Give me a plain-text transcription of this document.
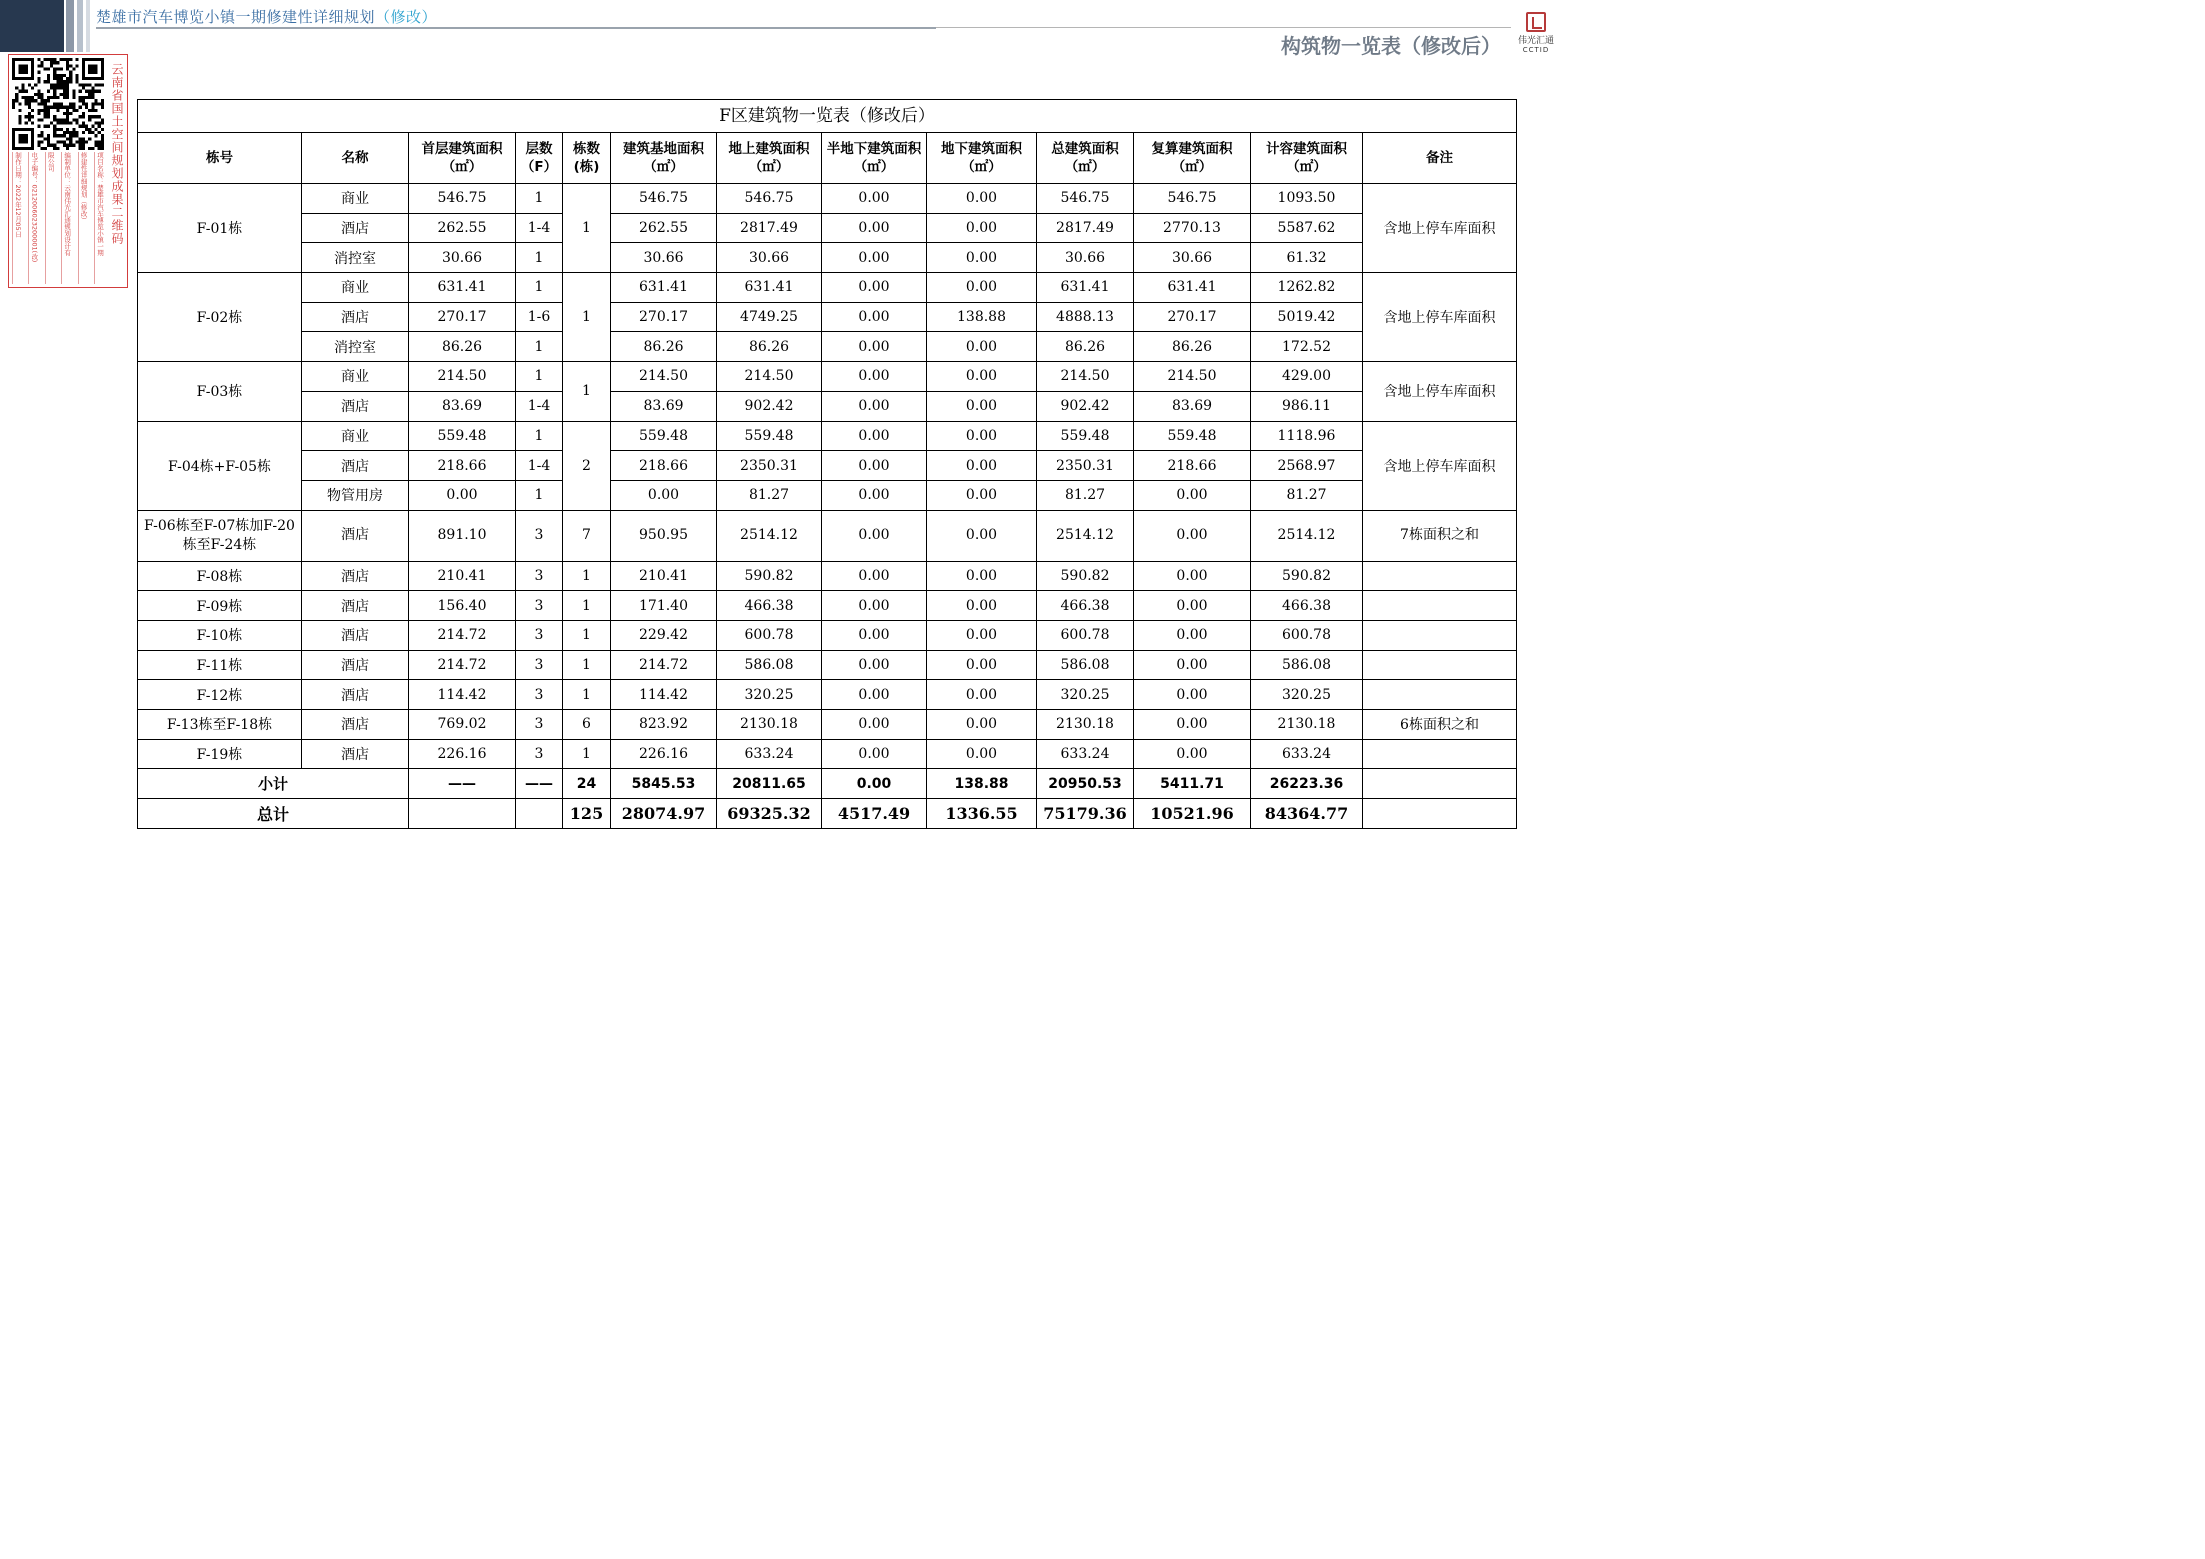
楚雄市汽车博览小镇一期修建性详细规划（修改）
构筑物一览表（修改后） 伟光汇通
CCTID
云南省国土空间规划成果二维码
项目名称：楚雄市汽车博览小镇一期
修建性详细规划（修改）
编制单位：云南伟光汇通规划设计有
限公司
电子编号：0212006023200001(改)
制作日期：2022年12月05日
F区建筑物一览表（修改后）												
栋号	名称	首层建筑面积（㎡）	层数（F）	栋数(栋)	建筑基地面积（㎡）	地上建筑面积（㎡）	半地下建筑面积（㎡）	地下建筑面积（㎡）	总建筑面积（㎡）	复算建筑面积（㎡）	计容建筑面积（㎡）	备注
F-01栋	商业	546.75	1	1	546.75	546.75	0.00	0.00	546.75	546.75	1093.50	含地上停车库面积
	酒店	262.55	1-4		262.55	2817.49	0.00	0.00	2817.49	2770.13	5587.62	
	消控室	30.66	1		30.66	30.66	0.00	0.00	30.66	30.66	61.32	
F-02栋	商业	631.41	1	1	631.41	631.41	0.00	0.00	631.41	631.41	1262.82	含地上停车库面积
	酒店	270.17	1-6		270.17	4749.25	0.00	138.88	4888.13	270.17	5019.42	
	消控室	86.26	1		86.26	86.26	0.00	0.00	86.26	86.26	172.52	
F-03栋	商业	214.50	1	1	214.50	214.50	0.00	0.00	214.50	214.50	429.00	含地上停车库面积
	酒店	83.69	1-4		83.69	902.42	0.00	0.00	902.42	83.69	986.11	
F-04栋+F-05栋	商业	559.48	1	2	559.48	559.48	0.00	0.00	559.48	559.48	1118.96	含地上停车库面积
	酒店	218.66	1-4		218.66	2350.31	0.00	0.00	2350.31	218.66	2568.97	
	物管用房	0.00	1		0.00	81.27	0.00	0.00	81.27	0.00	81.27	
F-06栋至F-07栋加F-20栋至F-24栋	酒店	891.10	3	7	950.95	2514.12	0.00	0.00	2514.12	0.00	2514.12	7栋面积之和
F-08栋	酒店	210.41	3	1	210.41	590.82	0.00	0.00	590.82	0.00	590.82	
F-09栋	酒店	156.40	3	1	171.40	466.38	0.00	0.00	466.38	0.00	466.38	
F-10栋	酒店	214.72	3	1	229.42	600.78	0.00	0.00	600.78	0.00	600.78	
F-11栋	酒店	214.72	3	1	214.72	586.08	0.00	0.00	586.08	0.00	586.08	
F-12栋	酒店	114.42	3	1	114.42	320.25	0.00	0.00	320.25	0.00	320.25	
F-13栋至F-18栋	酒店	769.02	3	6	823.92	2130.18	0.00	0.00	2130.18	0.00	2130.18	6栋面积之和
F-19栋	酒店	226.16	3	1	226.16	633.24	0.00	0.00	633.24	0.00	633.24	
小计		——	——	24	5845.53	20811.65	0.00	138.88	20950.53	5411.71	26223.36	
总计				125	28074.97	69325.32	4517.49	1336.55	75179.36	10521.96	84364.77	
